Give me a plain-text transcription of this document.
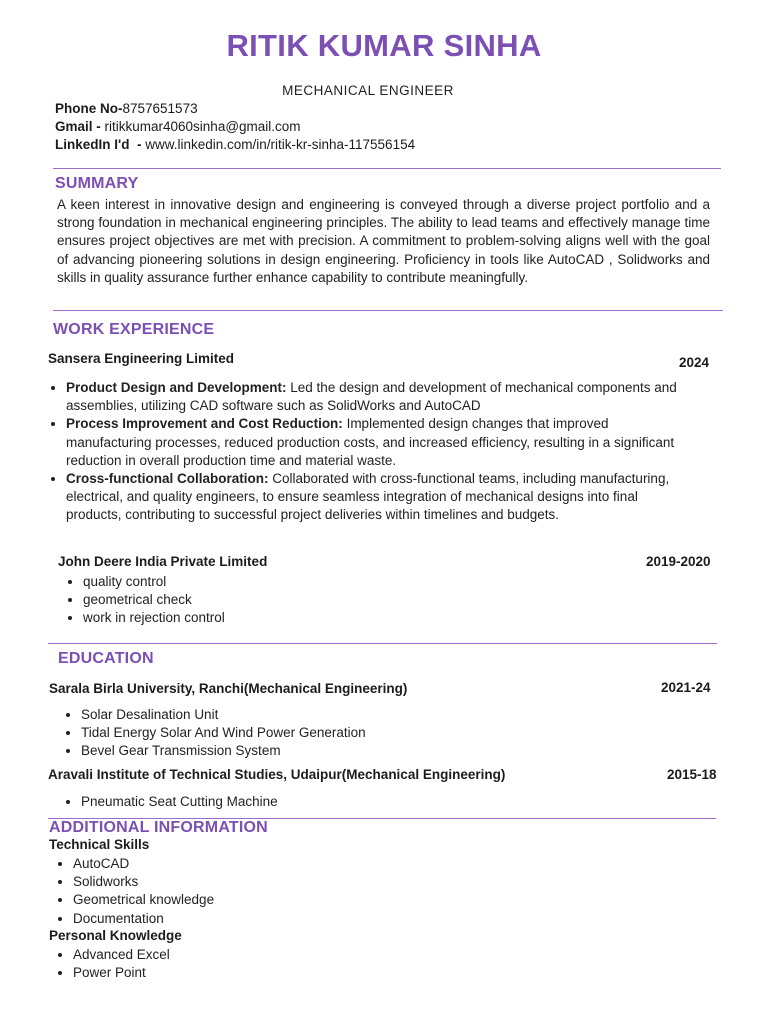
RITIK KUMAR SINHA
MECHANICAL ENGINEER
Phone No-8757651573
Gmail - ritikkumar4060sinha@gmail.com
LinkedIn I'd  - www.linkedin.com/in/ritik-kr-sinha-117556154
SUMMARY
A keen interest in innovative design and engineering is conveyed through a diverse project portfolio and a strong foundation in mechanical engineering principles. The ability to lead teams and effectively manage time ensures project objectives are met with precision. A commitment to problem-solving aligns well with the goal of advancing pioneering solutions in design engineering. Proficiency in tools like AutoCAD , Solidworks and skills in quality assurance further enhance capability to contribute meaningfully.
WORK EXPERIENCE
Sansera Engineering Limited	2024
Product Design and Development: Led the design and development of mechanical components and assemblies, utilizing CAD software such as SolidWorks and AutoCAD
Process Improvement and Cost Reduction: Implemented design changes that improved manufacturing processes, reduced production costs, and increased efficiency, resulting in a significant reduction in overall production time and material waste.
Cross-functional Collaboration: Collaborated with cross-functional teams, including manufacturing, electrical, and quality engineers, to ensure seamless integration of mechanical designs into final products, contributing to successful project deliveries within timelines and budgets.
John Deere India Private Limited	2019-2020
quality control
geometrical check
work in rejection control
EDUCATION
Sarala Birla University, Ranchi(Mechanical Engineering)	2021-24
Solar Desalination Unit
Tidal Energy Solar And Wind Power Generation
Bevel Gear Transmission System
Aravali Institute of Technical Studies, Udaipur(Mechanical Engineering)	2015-18
Pneumatic Seat Cutting Machine
ADDITIONAL INFORMATION
Technical Skills
AutoCAD
Solidworks
Geometrical knowledge
Documentation
Personal Knowledge
Advanced Excel
Power Point
